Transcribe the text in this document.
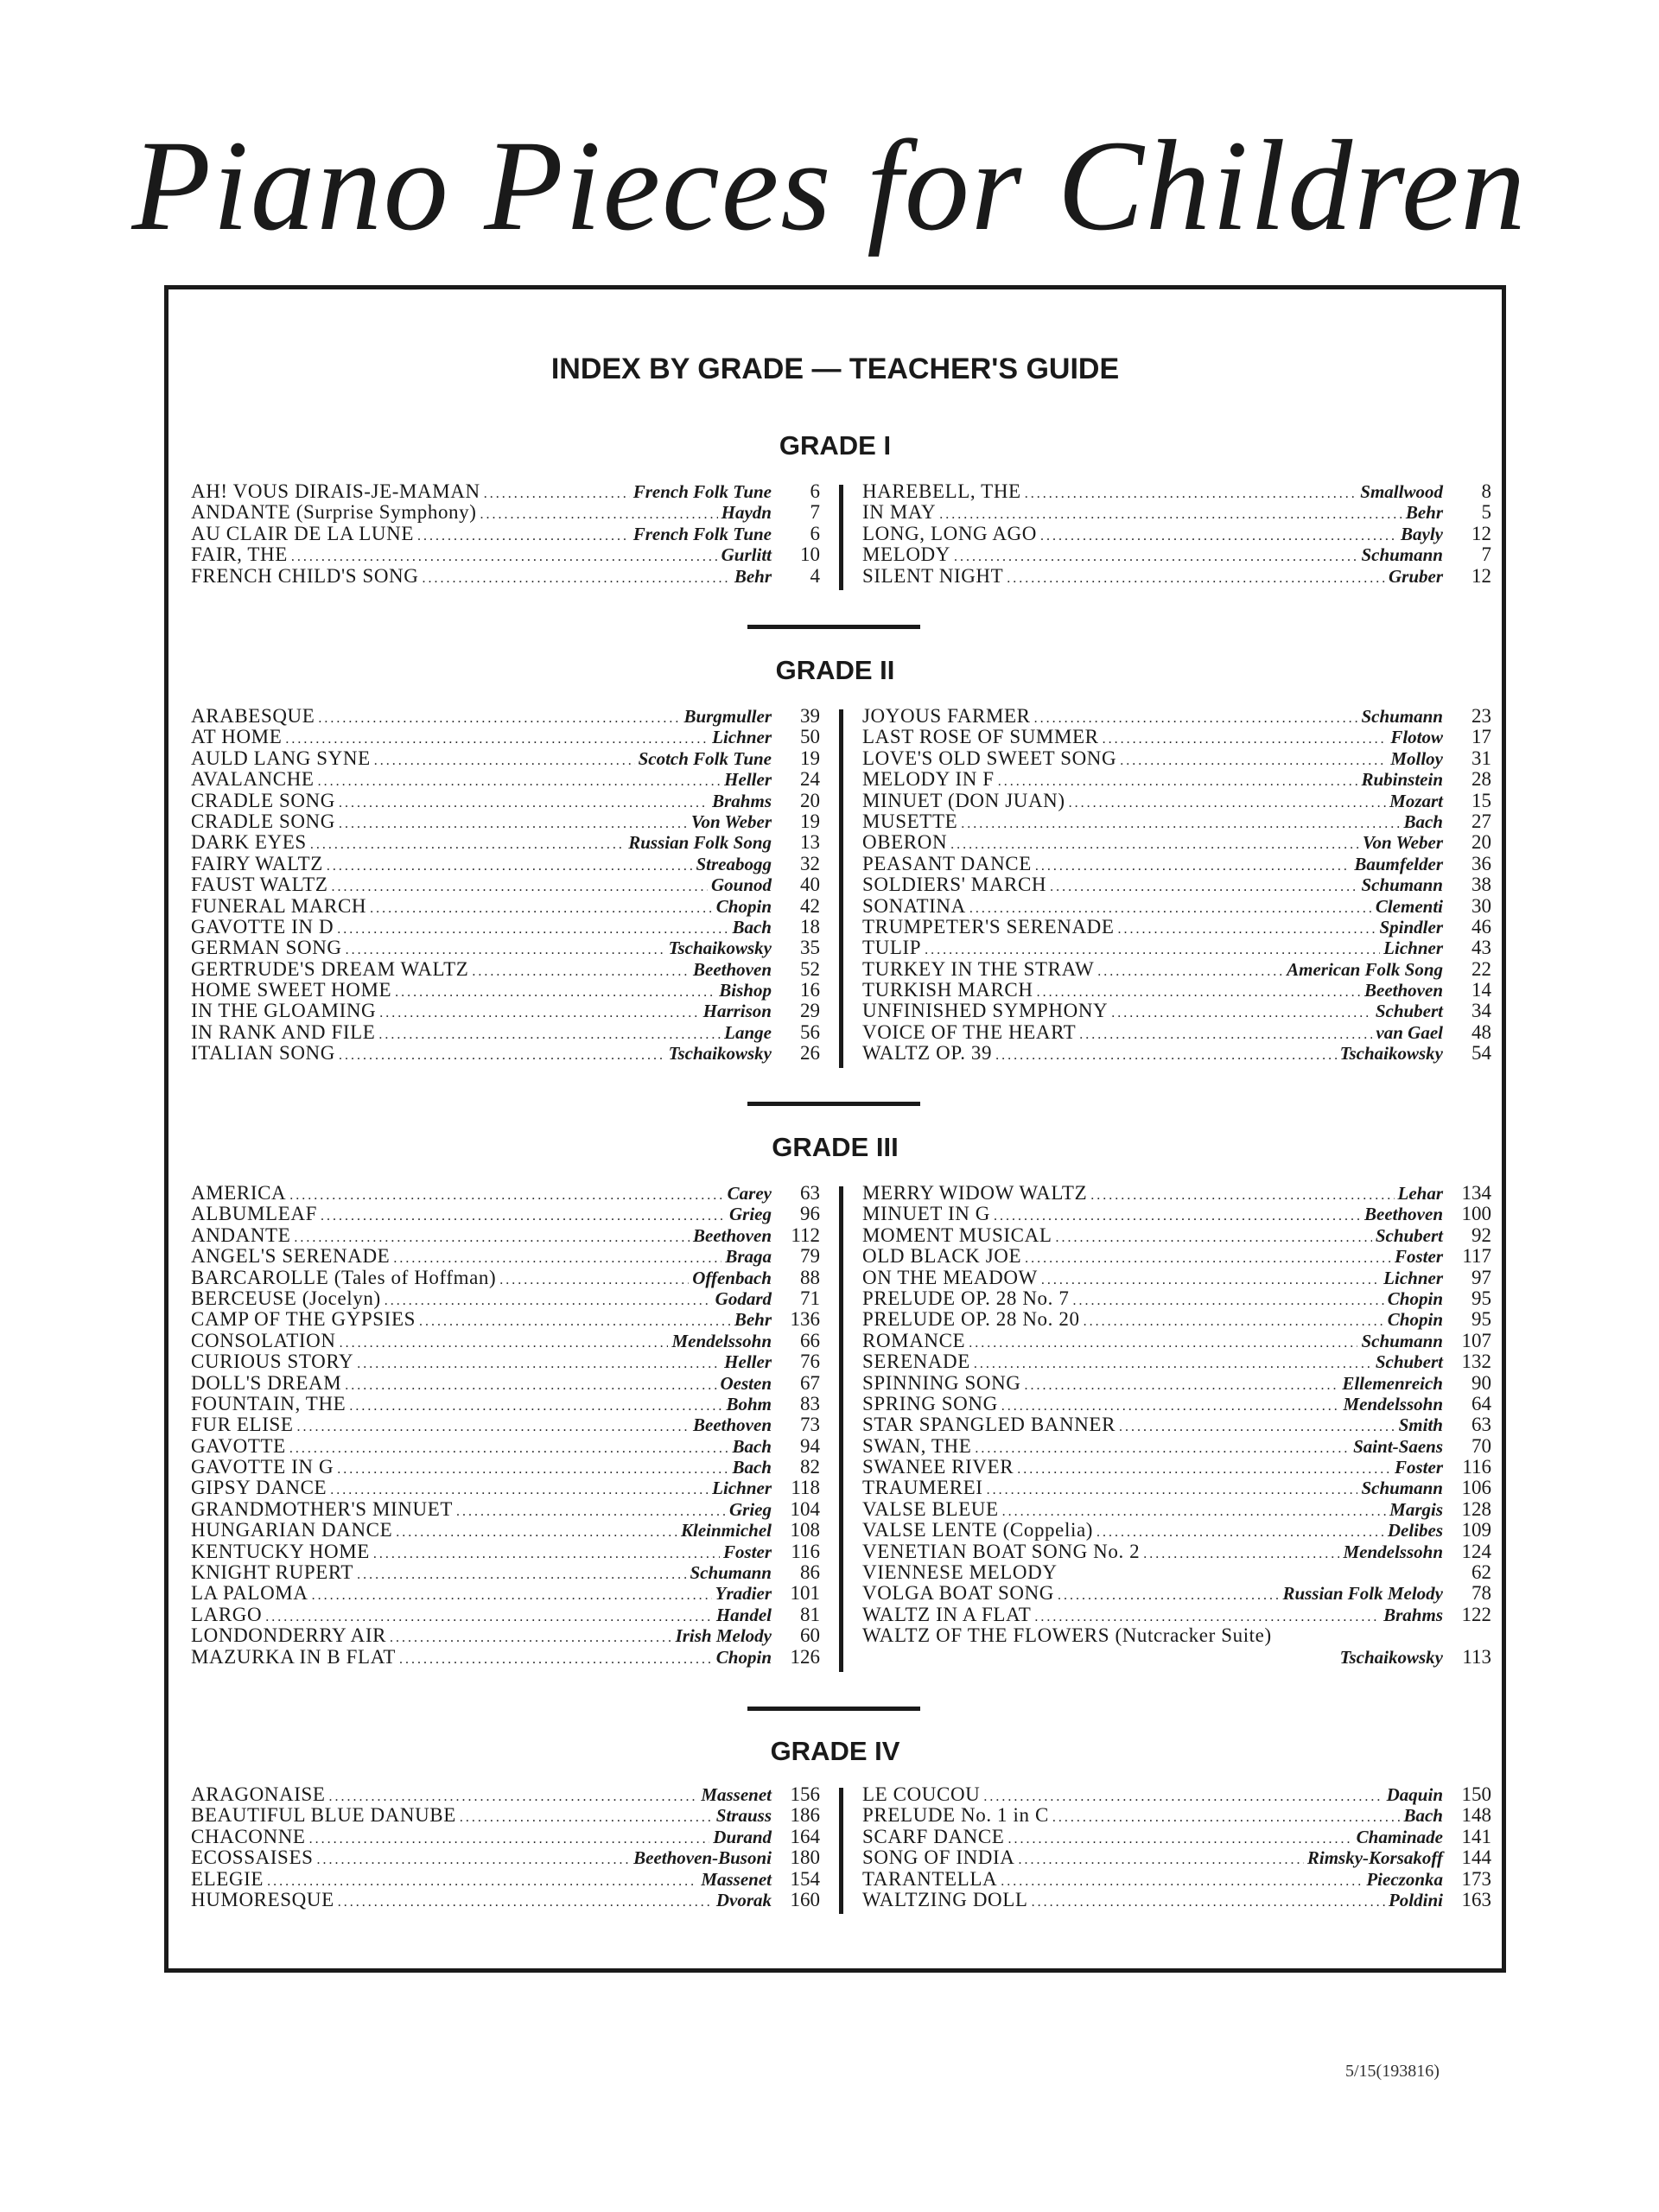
Piano Pieces for Children
INDEX BY GRADE — TEACHER'S GUIDE
GRADE I
AH! VOUS DIRAIS-JE-MAMAN .....	French Folk Tune	6
ANDANTE (Surprise Symphony) .....	Haydn	7
AU CLAIR DE LA LUNE .....	French Folk Tune	6
FAIR, THE .....	Gurlitt	10
FRENCH CHILD'S SONG .....	Behr	4
HAREBELL, THE .....	Smallwood	8
IN MAY .....	Behr	5
LONG, LONG AGO .....	Bayly	12
MELODY .....	Schumann	7
SILENT NIGHT .....	Gruber	12
GRADE II
ARABESQUE .....	Burgmuller	39
AT HOME .....	Lichner	50
AULD LANG SYNE .....	Scotch Folk Tune	19
AVALANCHE .....	Heller	24
CRADLE SONG .....	Brahms	20
CRADLE SONG .....	Von Weber	19
DARK EYES .....	Russian Folk Song	13
FAIRY WALTZ .....	Streabogg	32
FAUST WALTZ .....	Gounod	40
FUNERAL MARCH .....	Chopin	42
GAVOTTE IN D .....	Bach	18
GERMAN SONG .....	Tschaikowsky	35
GERTRUDE'S DREAM WALTZ .....	Beethoven	52
HOME SWEET HOME .....	Bishop	16
IN THE GLOAMING .....	Harrison	29
IN RANK AND FILE .....	Lange	56
ITALIAN SONG .....	Tschaikowsky	26
JOYOUS FARMER .....	Schumann	23
LAST ROSE OF SUMMER .....	Flotow	17
LOVE'S OLD SWEET SONG .....	Molloy	31
MELODY IN F .....	Rubinstein	28
MINUET (DON JUAN) .....	Mozart	15
MUSETTE .....	Bach	27
OBERON .....	Von Weber	20
PEASANT DANCE .....	Baumfelder	36
SOLDIERS' MARCH .....	Schumann	38
SONATINA .....	Clementi	30
TRUMPETER'S SERENADE .....	Spindler	46
TULIP .....	Lichner	43
TURKEY IN THE STRAW .....	American Folk Song	22
TURKISH MARCH .....	Beethoven	14
UNFINISHED SYMPHONY .....	Schubert	34
VOICE OF THE HEART .....	van Gael	48
WALTZ OP. 39 .....	Tschaikowsky	54
GRADE III
AMERICA .....	Carey	63
ALBUMLEAF .....	Grieg	96
ANDANTE .....	Beethoven 112
ANGEL'S SERENADE .....	Braga	79
BARCAROLLE (Tales of Hoffman) .....	Offenbach	88
BERCEUSE (Jocelyn) .....	Godard	71
CAMP OF THE GYPSIES .....	Behr 136
CONSOLATION .....	Mendelssohn	66
CURIOUS STORY .....	Heller	76
DOLL'S DREAM .....	Oesten	67
FOUNTAIN, THE .....	Bohm	83
FUR ELISE .....	Beethoven	73
GAVOTTE .....	Bach	94
GAVOTTE IN G .....	Bach	82
GIPSY DANCE .....	Lichner 118
GRANDMOTHER'S MINUET .....	Grieg 104
HUNGARIAN DANCE .....	Kleinmichel 108
KENTUCKY HOME .....	Foster 116
KNIGHT RUPERT .....	Schumann	86
LA PALOMA .....	Yradier 101
LARGO .....	Handel	81
LONDONDERRY AIR .....	Irish Melody	60
MAZURKA IN B FLAT .....	Chopin 126
MERRY WIDOW WALTZ .....	Lehar 134
MINUET IN G .....	Beethoven 100
MOMENT MUSICAL .....	Schubert	92
OLD BLACK JOE .....	Foster 117
ON THE MEADOW .....	Lichner	97
PRELUDE OP. 28 No. 7 .....	Chopin	95
PRELUDE OP. 28 No. 20 .....	Chopin	95
ROMANCE .....	Schumann 107
SERENADE .....	Schubert 132
SPINNING SONG .....	Ellemenreich	90
SPRING SONG .....	Mendelssohn	64
STAR SPANGLED BANNER .....	Smith	63
SWAN, THE .....	Saint-Saens	70
SWANEE RIVER .....	Foster 116
TRAUMEREI .....	Schumann 106
VALSE BLEUE .....	Margis 128
VALSE LENTE (Coppelia) .....	Delibes 109
VENETIAN BOAT SONG No. 2 .....	Mendelssohn 124
VIENNESE MELODY	62
VOLGA BOAT SONG .....	Russian Folk Melody	78
WALTZ IN A FLAT .....	Brahms 122
WALTZ OF THE FLOWERS (Nutcracker Suite)
Tschaikowsky 113
GRADE IV
ARAGONAISE .....	Massenet 156
BEAUTIFUL BLUE DANUBE .....	Strauss 186
CHACONNE .....	Durand 164
ECOSSAISES .....	Beethoven-Busoni 180
ELEGIE .....	Massenet 154
HUMORESQUE .....	Dvorak 160
LE COUCOU .....	Daquin 150
PRELUDE No. 1 in C .....	Bach 148
SCARF DANCE .....	Chaminade 141
SONG OF INDIA .....	Rimsky-Korsakoff 144
TARANTELLA .....	Pieczonka 173
WALTZING DOLL .....	Poldini 163
5/15(193816)
